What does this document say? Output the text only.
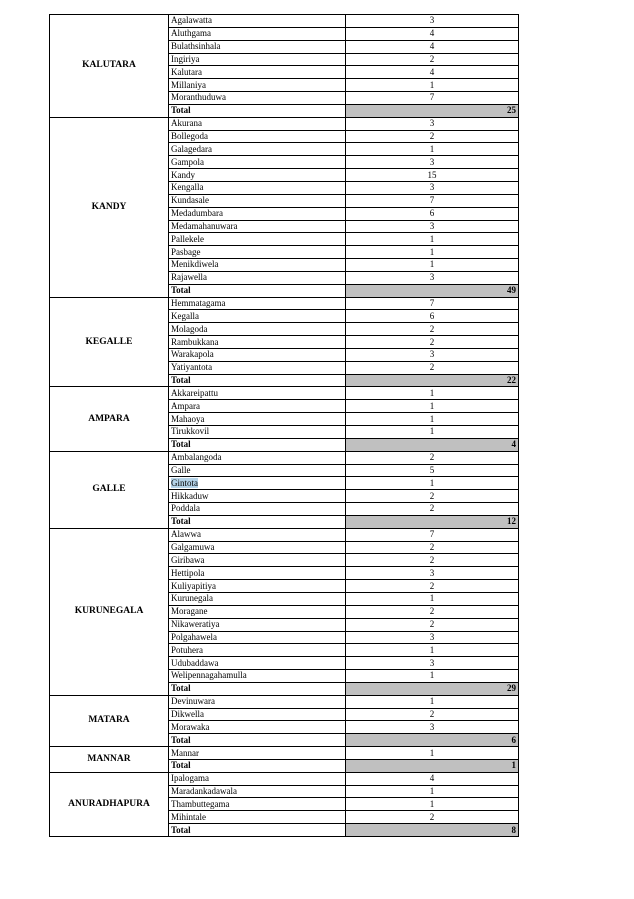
KALUTARA	Agalawatta	3
	Aluthgama	4
	Bulathsinhala	4
	Ingiriya	2
	Kalutara	4
	Millaniya	1
	Moranthuduwa	7
	Total	25
KANDY	Akurana	3
	Bollegoda	2
	Galagedara	1
	Gampola	3
	Kandy	15
	Kengalla	3
	Kundasale	7
	Medadumbara	6
	Medamahanuwara	3
	Pallekele	1
	Pasbage	1
	Menikdiwela	1
	Rajawella	3
	Total	49
KEGALLE	Hemmatagama	7
	Kegalla	6
	Molagoda	2
	Rambukkana	2
	Warakapola	3
	Yatiyantota	2
	Total	22
AMPARA	Akkareipattu	1
	Ampara	1
	Mahaoya	1
	Tirukkovil	1
	Total	4
GALLE	Ambalangoda	2
	Galle	5
	Gintota	1
	Hikkaduw	2
	Poddala	2
	Total	12
KURUNEGALA	Alawwa	7
	Galgamuwa	2
	Giribawa	2
	Hettipola	3
	Kuliyapitiya	2
	Kurunegala	1
	Moragane	2
	Nikaweratiya	2
	Polgahawela	3
	Potuhera	1
	Udubaddawa	3
	Welipennagahamulla	1
	Total	29
MATARA	Devinuwara	1
	Dikwella	2
	Morawaka	3
	Total	6
MANNAR	Mannar	1
	Total	1
ANURADHAPURA	Ipalogama	4
	Maradankadawala	1
	Thambuttegama	1
	Mihintale	2
	Total	8
